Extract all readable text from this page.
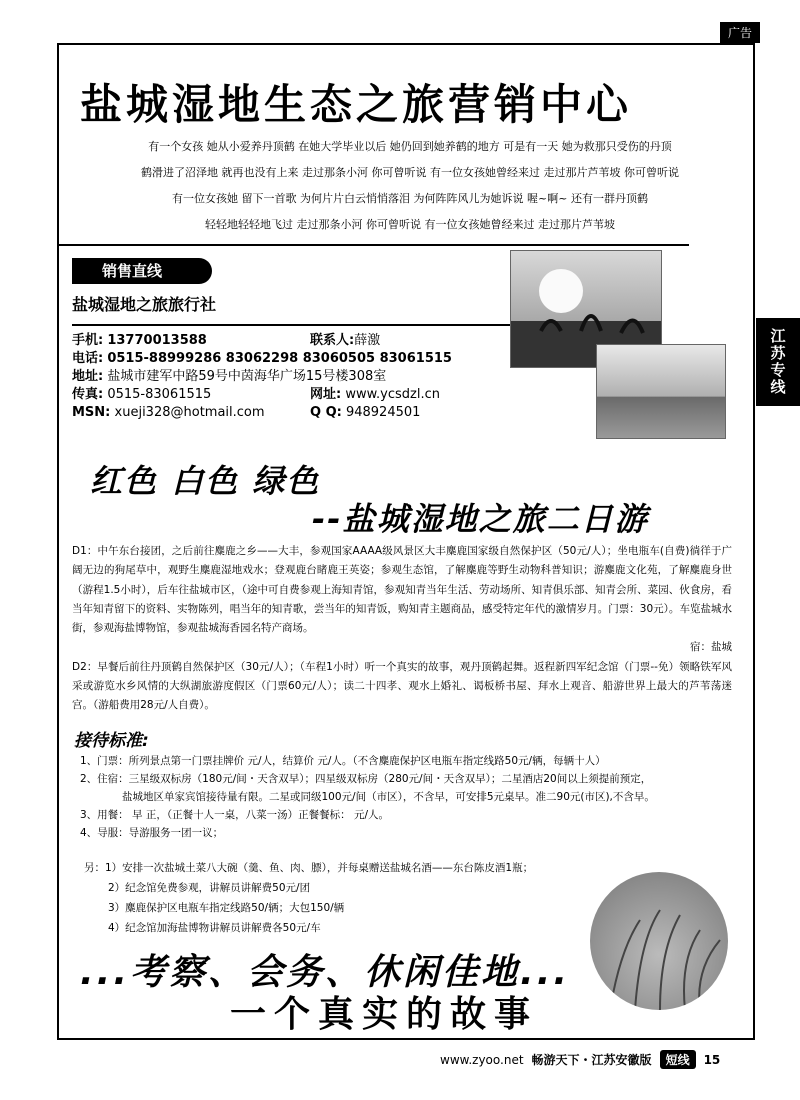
广告
江苏专线
盐城湿地生态之旅营销中心
有一个女孩 她从小爱养丹顶鹤 在她大学毕业以后 她仍回到她养鹤的地方 可是有一天 她为救那只受伤的丹顶
鹤滑进了沼泽地 就再也没有上来 走过那条小河 你可曾听说 有一位女孩她曾经来过 走过那片芦苇坡 你可曾听说
有一位女孩她 留下一首歌 为何片片白云悄悄落泪 为何阵阵风儿为她诉说 喔~啊~ 还有一群丹顶鹤
轻轻地轻轻地飞过 走过那条小河 你可曾听说 有一位女孩她曾经来过 走过那片芦苇坡
销售直线
盐城湿地之旅旅行社
手机: 13770013588	联系人:薛激
电话:
0515-88999286 83062298 83060505 83061515
地址:
盐城市建军中路59号中茵海华广场15号楼308室
传真: 0515-83061515	网址: www.ycsdzl.cn
MSN: xueji328@hotmail.com	Q Q: 948924501
红色 白色 绿色
--盐城湿地之旅二日游

D1：中午东台接团，之后前往麋鹿之乡——大丰，参观国家AAAA级风景区大丰麋鹿国家级自然保护区（50元/人）；坐电瓶车(自费)徜徉于广阔无边的狗尾草中，观野生麋鹿湿地戏水；登观鹿台睹鹿王英姿；参观生态馆，了解麋鹿等野生动物科普知识；游麋鹿文化苑，了解麋鹿身世（游程1.5小时），后车往盐城市区，（途中可自费参观上海知青馆，参观知青当年生活、劳动场所、知青俱乐部、知青会所、菜园、伙食房，看当年知青留下的资料、实物陈列，唱当年的知青歌，尝当年的知青饭，购知青主题商品，感受特定年代的激情岁月。门票：30元）。车览盐城水街，参观海盐博物馆，参观盐城海香园名特产商场。

宿：盐城

D2：早餐后前往丹顶鹤自然保护区（30元/人）；（车程1小时）听一个真实的故事，观丹顶鹤起舞。返程新四军纪念馆（门票--免）领略铁军风采或游览水乡风情的大纵湖旅游度假区（门票60元/人）；读二十四孝、观水上婚礼、谒板桥书屋、拜水上观音、船游世界上最大的芦苇荡迷宫。（游船费用28元/人自费）。

接待标准:
1、门票：所列景点第一门票挂牌价 元/人，结算价 元/人。（不含麋鹿保护区电瓶车指定线路50元/辆，每辆十人）
2、住宿：三星级双标房（180元/间・天含双早）；四星级双标房（280元/间・天含双早）；二星酒店20间以上须提前预定，
盐城地区单家宾馆接待量有限。二星或同级100元/间（市区），不含早，可安排5元桌早。准二90元(市区),不含早。
3、用餐： 早 正，（正餐十人一桌，八菜一汤）正餐餐标： 元/人。
4、导服：导游服务一团一议；
另：1）安排一次盐城土菜八大碗（羹、鱼、肉、膘），并每桌赠送盐城名酒——东台陈皮酒1瓶；
2）纪念馆免费参观，讲解员讲解费50元/团
3）麋鹿保护区电瓶车指定线路50/辆；大包150/辆
4）纪念馆加海盐博物讲解员讲解费各50元/车
...考察、会务、休闲佳地...
一个真实的故事
www.zyoo.net 畅游天下・江苏安徽版	短线	15
